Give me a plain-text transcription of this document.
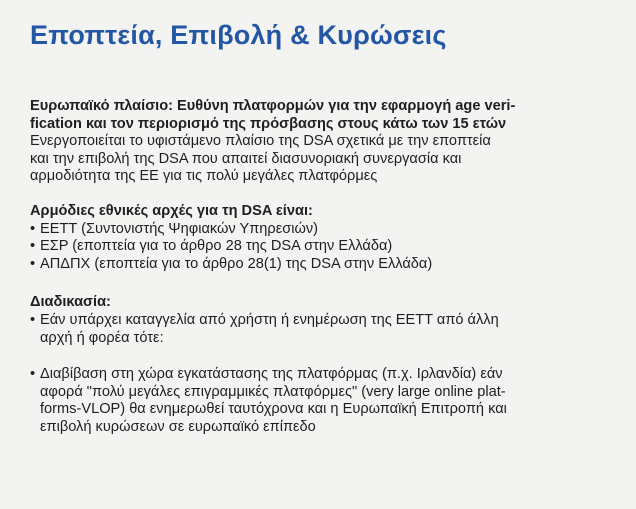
Εποπτεία, Επιβολή & Κυρώσεις
Ευρωπαϊκό πλαίσιο: Ευθύνη πλατφορμών για την εφαρμογή age veri-
fication και τον περιορισμό της πρόσβασης στους κάτω των 15 ετών
Ενεργοποιείται το υφιστάμενο πλαίσιο της DSA σχετικά με την εποπτεία
και την επιβολή της DSA που απαιτεί διασυνοριακή συνεργασία και
αρμοδιότητα της ΕΕ για τις πολύ μεγάλες πλατφόρμες
Αρμόδιες εθνικές αρχές για τη DSA είναι:
• ΕΕΤΤ (Συντονιστής Ψηφιακών Υπηρεσιών)
• ΕΣΡ (εποπτεία για το άρθρο 28 της DSA στην Ελλάδα)
• ΑΠΔΠΧ (εποπτεία για το άρθρο 28(1) της DSA στην Ελλάδα)
Διαδικασία:
• Εάν υπάρχει καταγγελία από χρήστη ή ενημέρωση της ΕΕΤΤ από άλλη
αρχή ή φορέα τότε:
• Διαβίβαση στη χώρα εγκατάστασης της πλατφόρμας (π.χ. Ιρλανδία) εάν
αφορά "πολύ μεγάλες επιγραμμικές πλατφόρμες" (very large online plat-
forms-VLOP) θα ενημερωθεί ταυτόχρονα και η Ευρωπαϊκή Επιτροπή και
επιβολή κυρώσεων σε ευρωπαϊκό επίπεδο
